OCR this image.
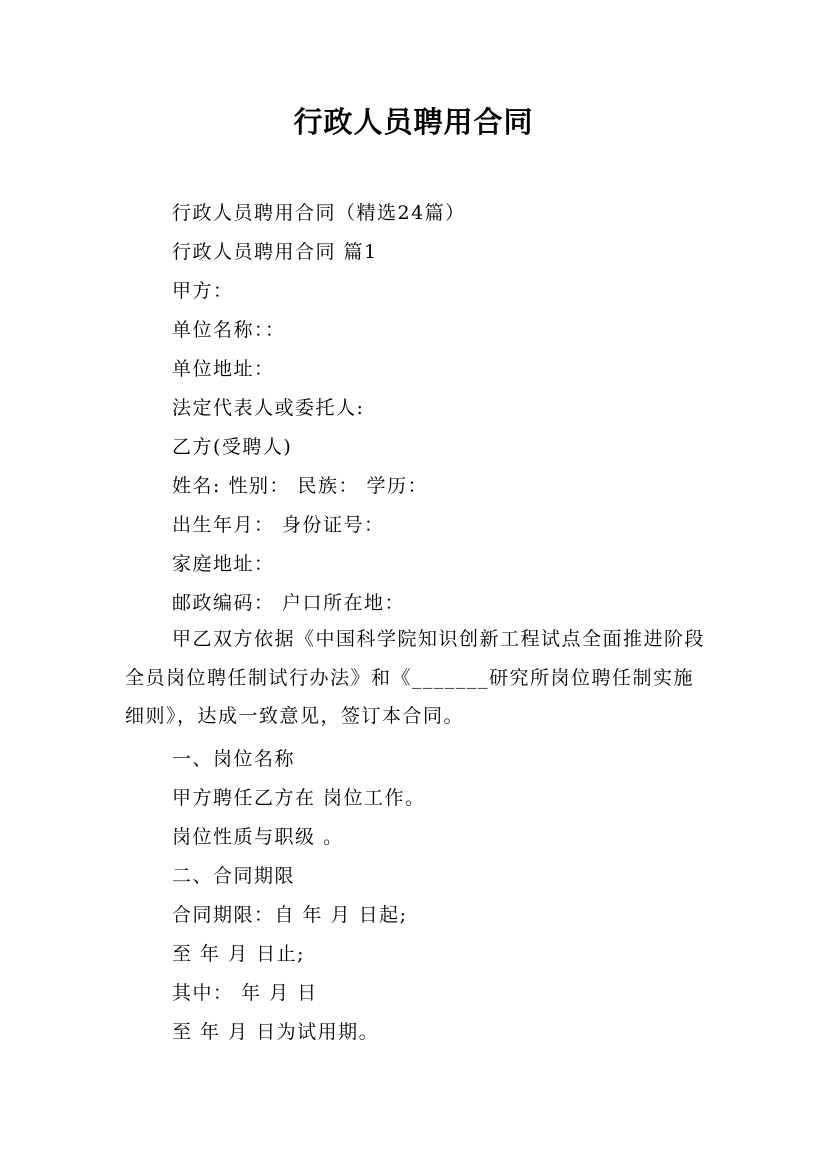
行政人员聘用合同
行政人员聘用合同（精选24篇）
行政人员聘用合同 篇1
甲方：
单位名称：：
单位地址：
法定代表人或委托人:
乙方(受聘人)
姓名: 性别： 民族： 学历：
出生年月： 身份证号：
家庭地址：
邮政编码： 户口所在地：
甲乙双方依据《中国科学院知识创新工程试点全面推进阶段全员岗位聘任制试行办法》和《_______研究所岗位聘任制实施细则》，达成一致意见，签订本合同。
一、岗位名称
甲方聘任乙方在 岗位工作。
岗位性质与职级 。
二、合同期限
合同期限：自 年 月 日起;
至 年 月 日止;
其中： 年 月 日
至 年 月 日为试用期。
